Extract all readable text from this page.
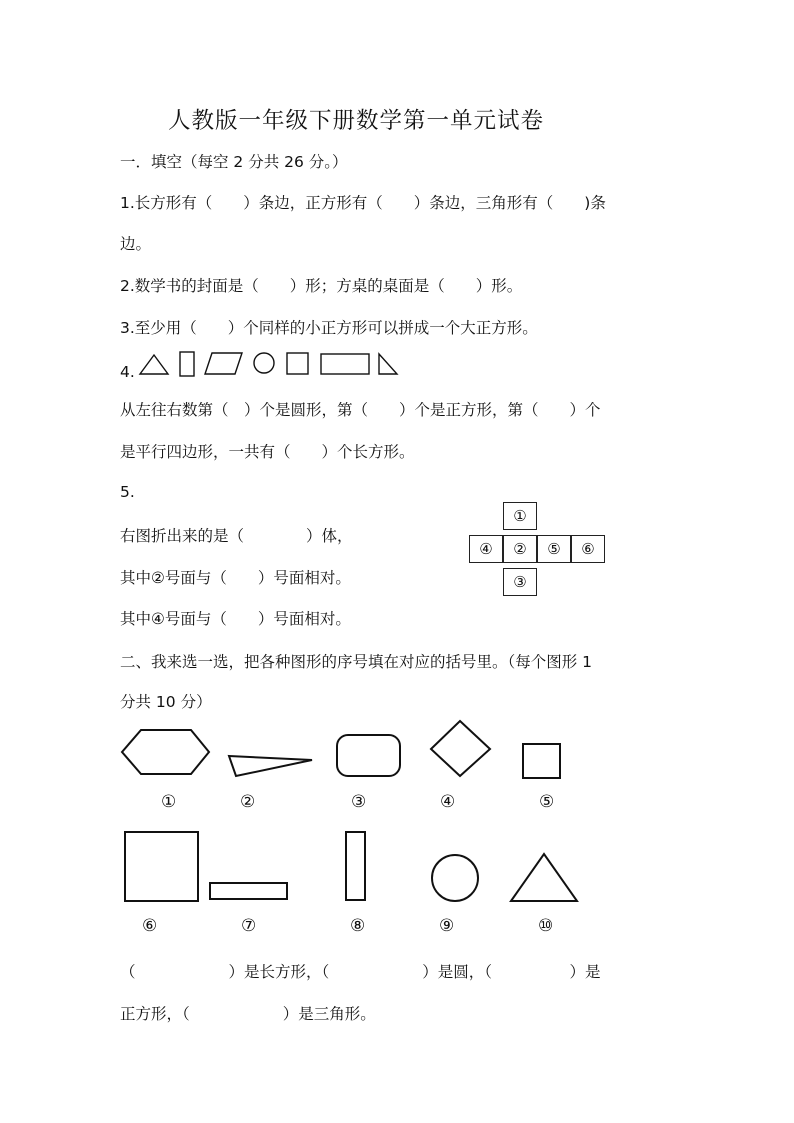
人教版一年级下册数学第一单元试卷
一．填空（每空 2 分共 26 分。）
1.长方形有（　　）条边，正方形有（　　）条边，三角形有（　　)条
边。
2.数学书的封面是（　　）形；方桌的桌面是（　　）形。
3.至少用（　　）个同样的小正方形可以拼成一个大正方形。
4.
从左往右数第（　）个是圆形，第（　　）个是正方形，第（　　）个
是平行四边形，一共有（　　）个长方形。
5.
右图折出来的是（　　　　）体，
其中②号面与（　　）号面相对。
其中④号面与（　　）号面相对。
①
④	②	⑤	⑥
③
二、我来选一选，把各种图形的序号填在对应的括号里。（每个图形 1
分共 10 分）
①	②	③	④	⑤
⑥	⑦	⑧	⑨	⑩
（　　　　　　）是长方形，（　　　　　　）是圆，（　　　　　）是
正方形，（　　　　　　）是三角形。
